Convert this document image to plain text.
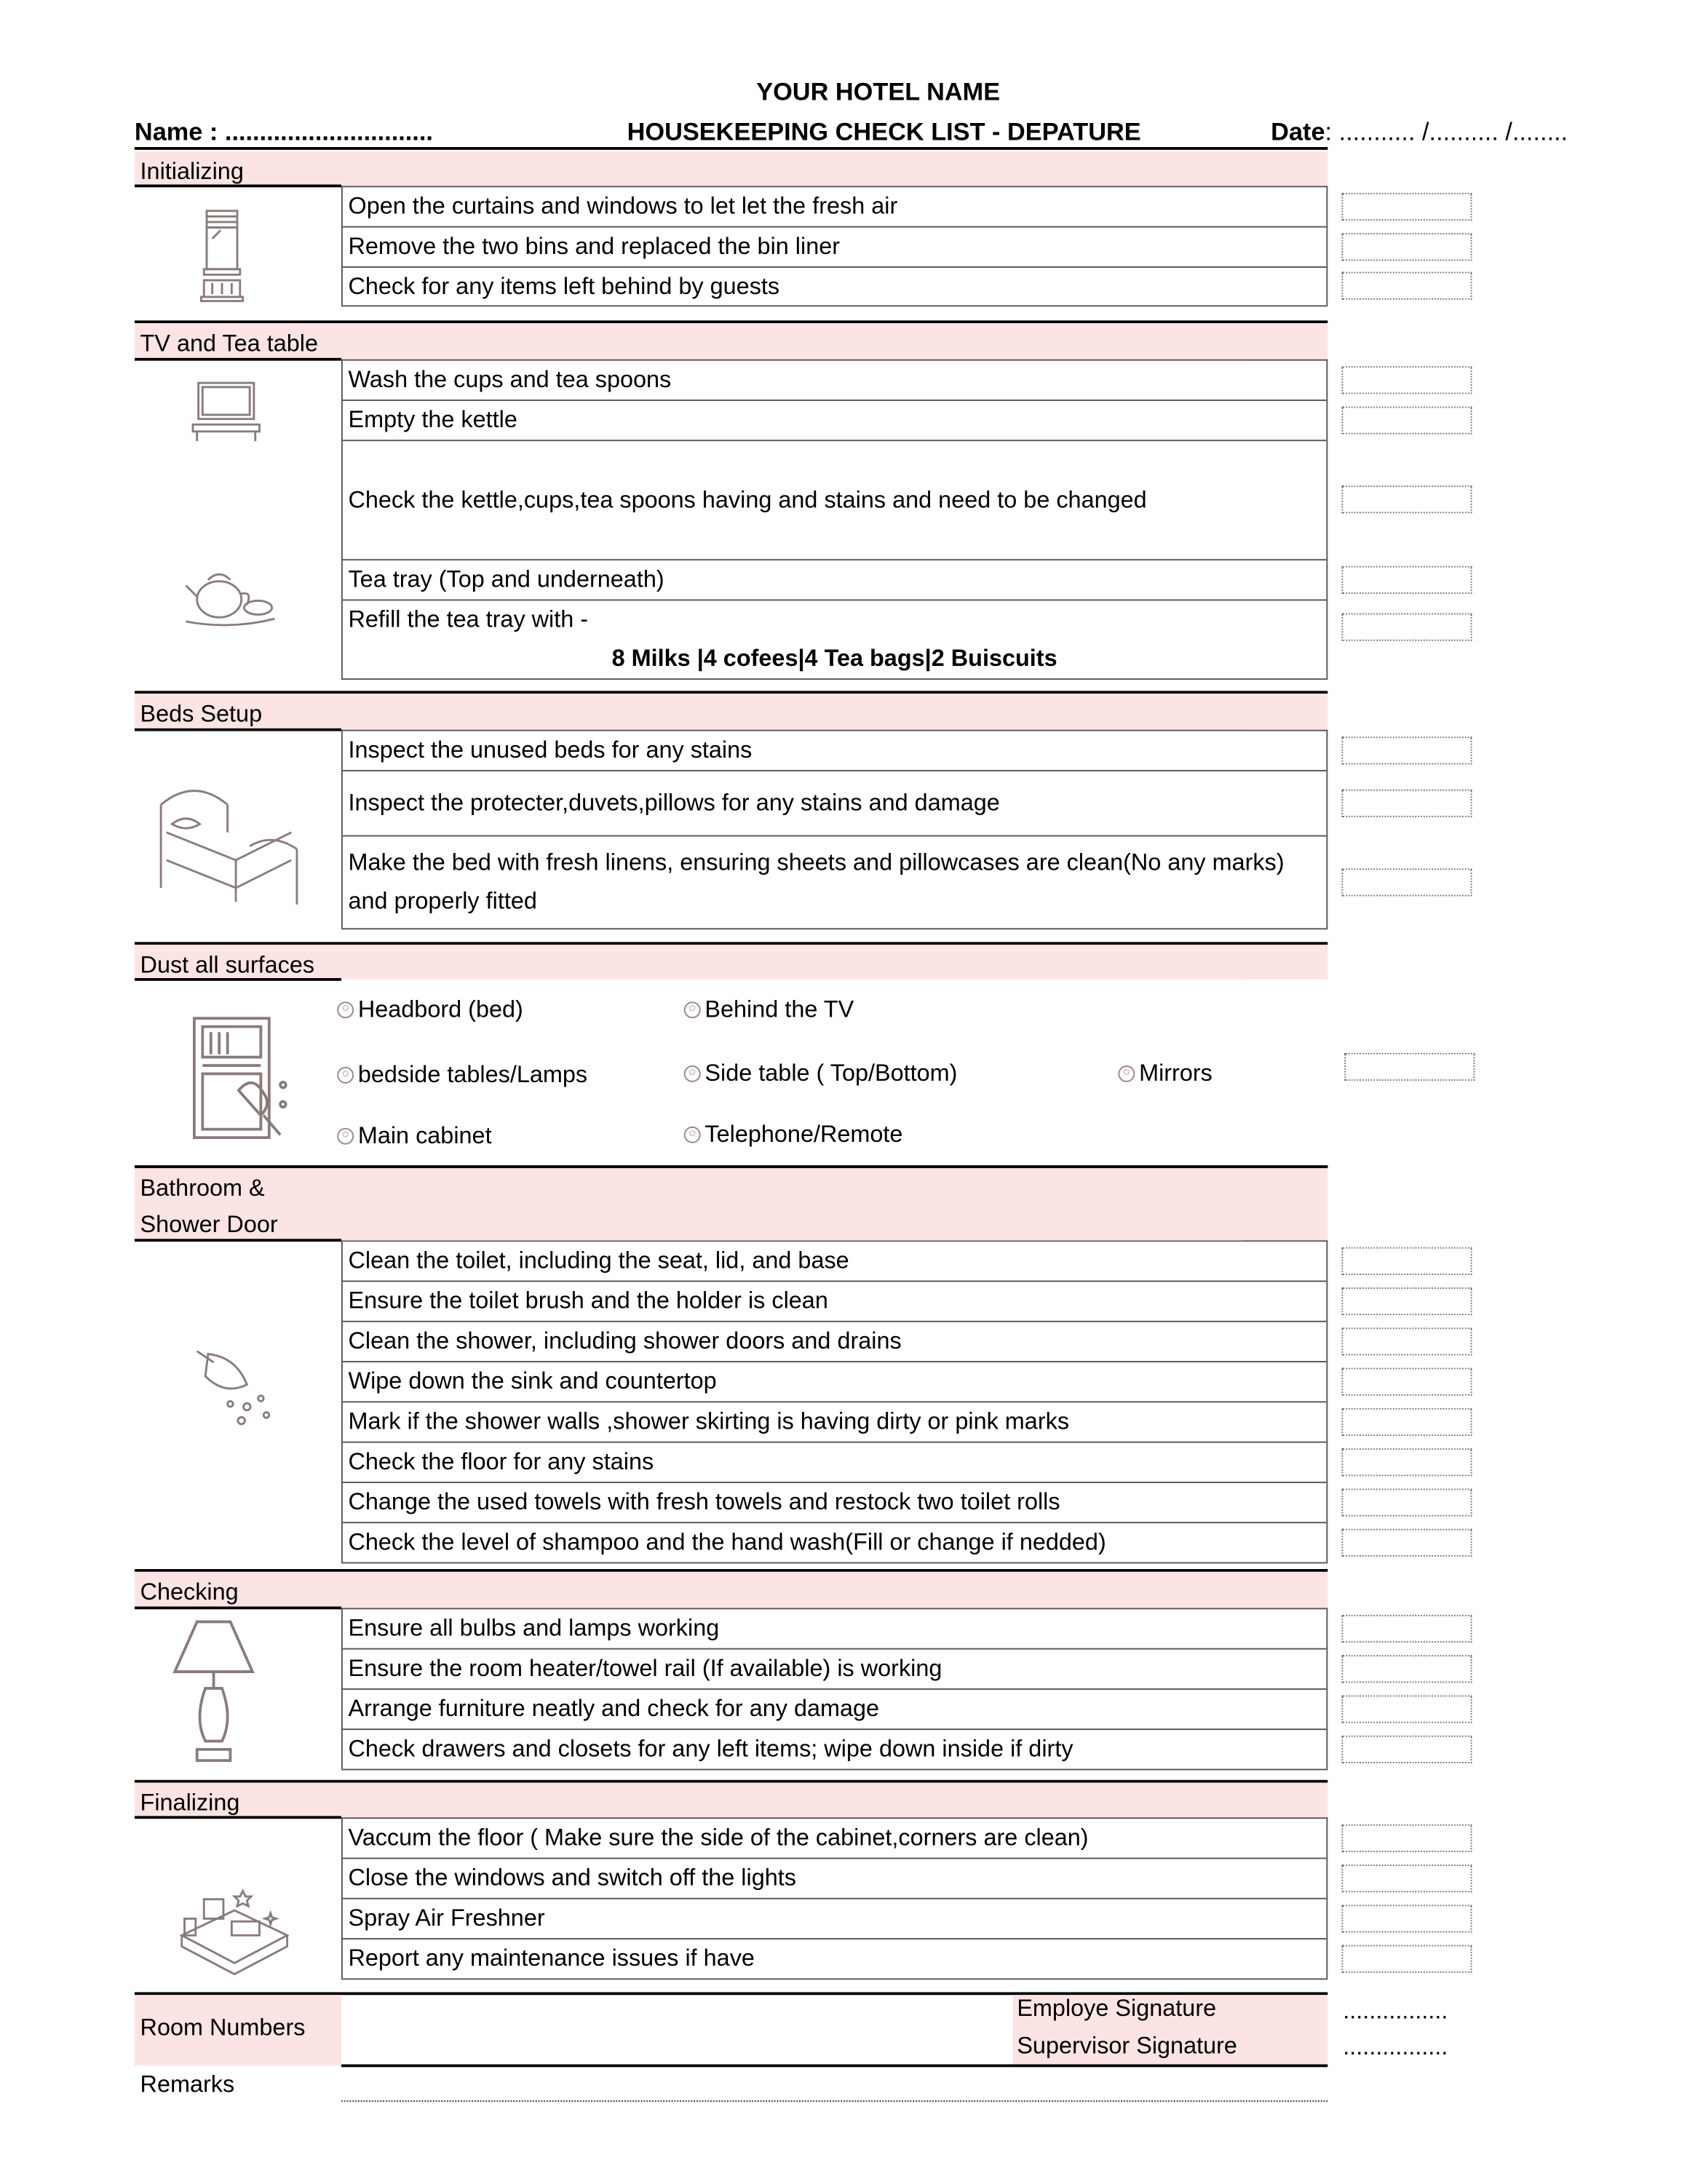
YOUR HOTEL NAME
Name : ..............................	HOUSEKEEPING CHECK LIST - DEPATURE	Date: ........... /.......... /........
Initializing
Open the curtains and windows to let let the fresh air
Remove the two bins and replaced the bin liner
Check for any items left behind by guests
TV and Tea table
Wash the cups and tea spoons
Empty the kettle
Check the kettle,cups,tea spoons having and stains and need to be changed
Tea tray (Top and underneath)
Refill the tea tray with -
8 Milks |4 cofees|4 Tea bags|2 Buiscuits
Beds Setup
Inspect the unused beds for any stains
Inspect the protecter,duvets,pillows for any stains and damage
Make the bed with fresh linens, ensuring sheets and pillowcases are clean(No any marks) and properly fitted
Dust all surfaces
✩ Headbord (bed)
✩ bedside tables/Lamps
✩ Main cabinet
✩ Behind the TV
✩ Side table ( Top/Bottom)
✩ Telephone/Remote
✩ Mirrors
Bathroom & Shower Door
Clean the toilet, including the seat, lid, and base
Ensure the toilet brush and the holder is clean
Clean the shower, including shower doors and drains
Wipe down the sink and countertop
Mark if the shower walls ,shower skirting is having dirty or pink marks
Check the floor for any stains
Change the used towels with fresh towels and restock two toilet rolls
Check the level of shampoo and the hand wash(Fill or change if nedded)
Checking
Ensure all bulbs and lamps working
Ensure the room heater/towel rail (If available) is working
Arrange furniture neatly and check for any damage
Check drawers and closets for any left items; wipe down inside if dirty
Finalizing
Vaccum the floor ( Make sure the side of the cabinet,corners are clean)
Close the windows and switch off the lights
Spray Air Freshner
Report any maintenance issues if have
Room Numbers
Employe Signature
Supervisor Signature
................
................
Remarks
